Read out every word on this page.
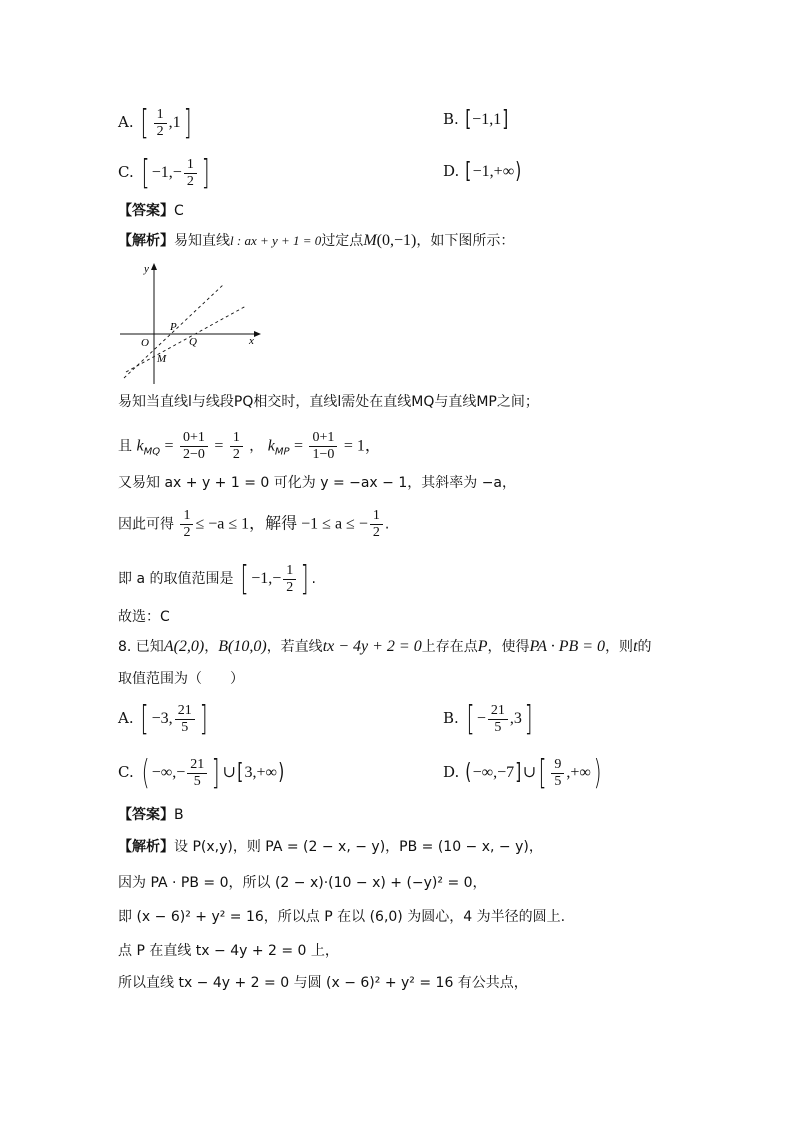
A. [ $\frac{1}{2} ,1$]	B. [−1,1]
C. [ $-1,- \frac{1}{2}$ ]	D. [−1,+∞)
【答案】C
【解析】易知直线l : ax + y + 1 = 0过定点M(0,−1)，如下图所示：
y
x
O
M
P
Q
易知当直线l与线段PQ相交时，直线l需处在直线MQ与直线MP之间；
且 $k_{MQ} = \frac{0+1}{2-0} = \frac{1}{2}$ ， $k_{MP} = \frac{0+1}{1-0} = 1$，
又易知 ax + y + 1 = 0 可化为 y = −ax − 1，其斜率为 −a，
因此可得 $\frac{1}{2} \le -a \le 1$，解得 −1 ≤ a ≤ − $\frac{1}{2}$ .
即 a 的取值范围是 [ $-1,- \frac{1}{2}$ ] .
故选：C
8. 已知A(2,0)，B(10,0)，若直线tx − 4y + 2 = 0上存在点P，使得PA · PB = 0，则t的
取值范围为（　　）
A. [ −3, $\frac{21}{5}$ ]	B. [ − $\frac{21}{5} ,3$]
C. ( −∞,− $\frac{21}{5}$ ] ∪[3,+∞)	D. (−∞,−7]∪[ $\frac{9}{5}$ ,+∞)
【答案】B
【解析】设 P(x,y)，则 PA = (2 − x, − y)，PB = (10 − x, − y)，
因为 PA · PB = 0，所以 (2 − x)·(10 − x) + (−y)² = 0，
即 (x − 6)² + y² = 16，所以点 P 在以 (6,0) 为圆心，4 为半径的圆上.
点 P 在直线 tx − 4y + 2 = 0 上，
所以直线 tx − 4y + 2 = 0 与圆 (x − 6)² + y² = 16 有公共点，
